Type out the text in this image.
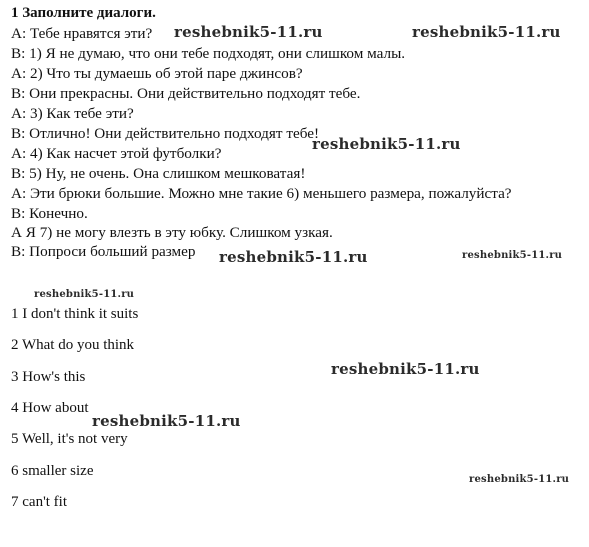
1 Заполните диалоги.
А: Тебе нравятся эти?
В: 1) Я не думаю, что они тебе подходят, они слишком малы.
А: 2) Что ты думаешь об этой паре джинсов?
В: Они прекрасны. Они действительно подходят тебе.
А: 3) Как тебе эти?
В: Отлично! Они действительно подходят тебе!
А: 4) Как насчет этой футболки?
В: 5) Ну, не очень. Она слишком мешковатая!
А: Эти брюки большие. Можно мне такие 6) меньшего размера, пожалуйста?
В: Конечно.
А Я 7) не могу влезть в эту юбку. Слишком узкая.
В: Попроси больший размер
1 I don't think it suits
2 What do you think
3 How's this
4 How about
5 Well, it's not very
6 smaller size
7 can't fit
reshebnik5-11.ru	reshebnik5-11.ru
reshebnik5-11.ru
reshebnik5-11.ru	reshebnik5-11.ru
reshebnik5-11.ru
reshebnik5-11.ru
reshebnik5-11.ru
reshebnik5-11.ru
